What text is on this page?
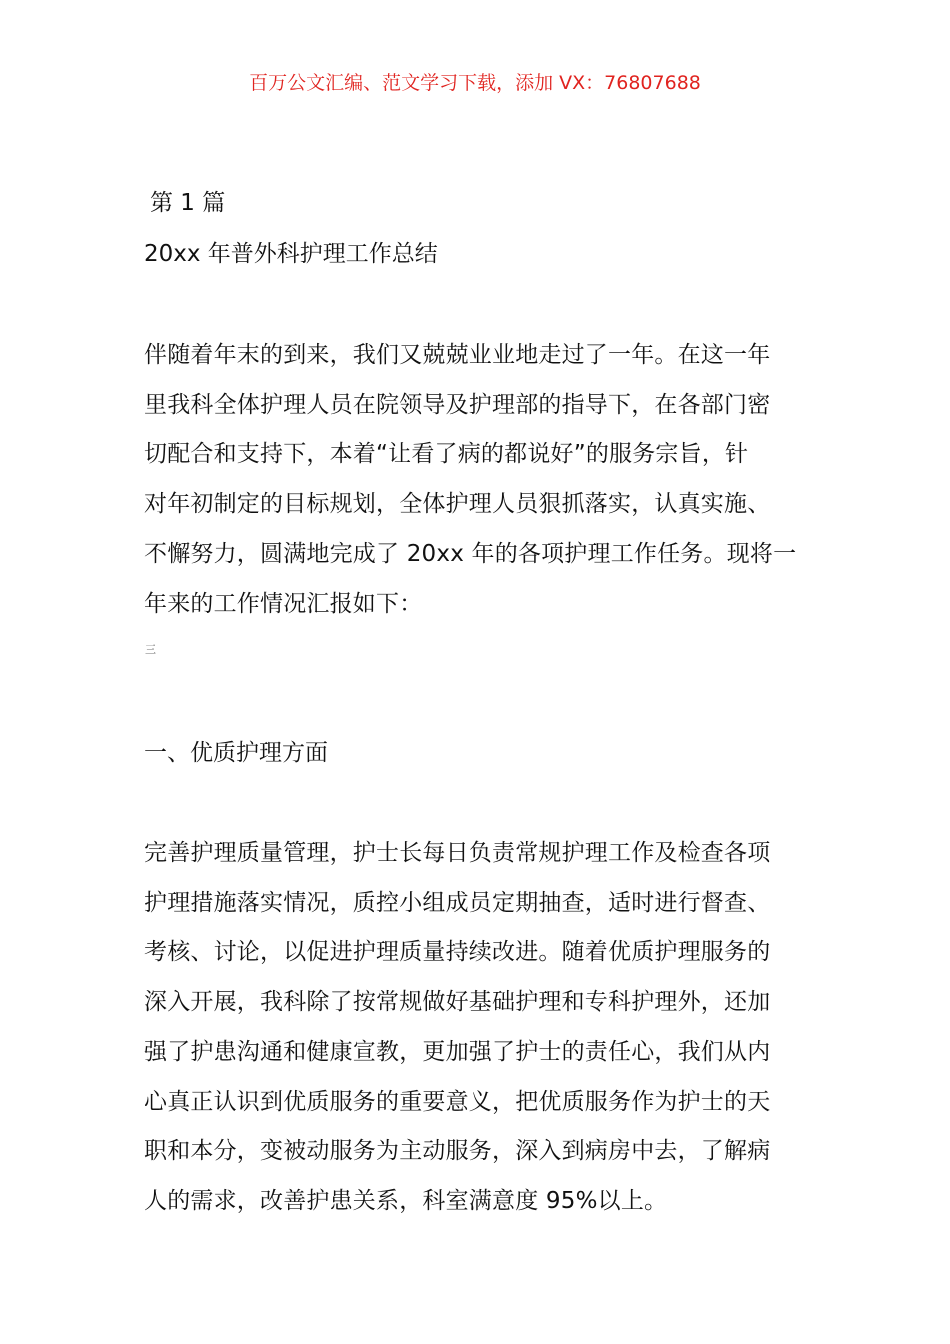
百万公文汇编、范文学习下载，添加 VX：76807688
第 1 篇
20xx 年普外科护理工作总结
伴随着年末的到来，我们又兢兢业业地走过了一年。在这一年
里我科全体护理人员在院领导及护理部的指导下，在各部门密
切配合和支持下，本着“让看了病的都说好”的服务宗旨，针
对年初制定的目标规划，全体护理人员狠抓落实，认真实施、
不懈努力，圆满地完成了 20xx 年的各项护理工作任务。现将一
年来的工作情况汇报如下：
三
一、优质护理方面
完善护理质量管理，护士长每日负责常规护理工作及检查各项
护理措施落实情况，质控小组成员定期抽查，适时进行督查、
考核、讨论，以促进护理质量持续改进。随着优质护理服务的
深入开展，我科除了按常规做好基础护理和专科护理外，还加
强了护患沟通和健康宣教，更加强了护士的责任心，我们从内
心真正认识到优质服务的重要意义，把优质服务作为护士的天
职和本分，变被动服务为主动服务，深入到病房中去，了解病
人的需求，改善护患关系，科室满意度 95%以上。
